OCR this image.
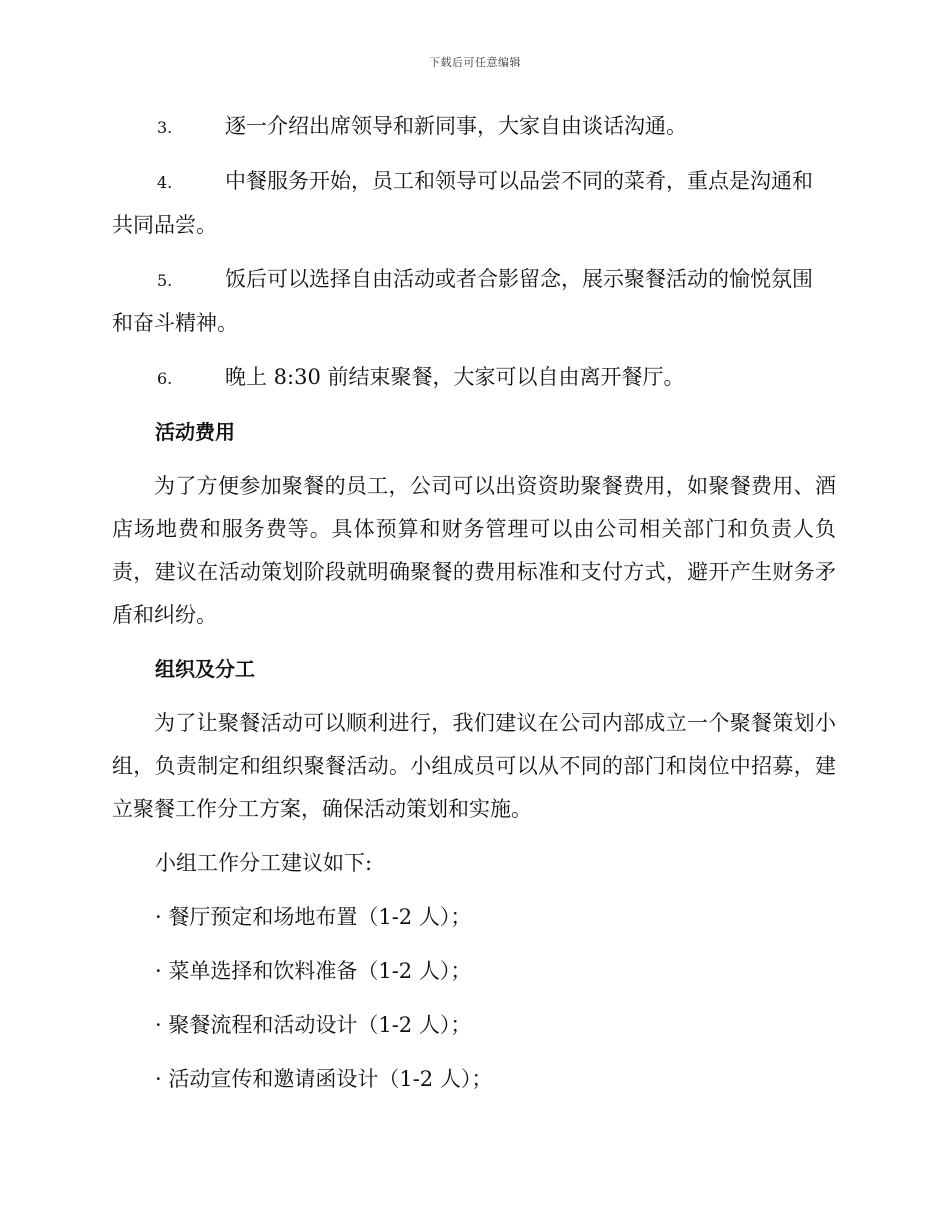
下载后可任意编辑
3.	逐一介绍出席领导和新同事，大家自由谈话沟通。
4.	中餐服务开始，员工和领导可以品尝不同的菜肴，重点是沟通和
共同品尝。
5.	饭后可以选择自由活动或者合影留念，展示聚餐活动的愉悦氛围
和奋斗精神。
6.	晚上 8:30 前结束聚餐，大家可以自由离开餐厅。
活动费用
为了方便参加聚餐的员工，公司可以出资资助聚餐费用，如聚餐费用、酒店场地费和服务费等。具体预算和财务管理可以由公司相关部门和负责人负责，建议在活动策划阶段就明确聚餐的费用标准和支付方式，避开产生财务矛盾和纠纷。
组织及分工
为了让聚餐活动可以顺利进行，我们建议在公司内部成立一个聚餐策划小组，负责制定和组织聚餐活动。小组成员可以从不同的部门和岗位中招募，建立聚餐工作分工方案，确保活动策划和实施。
小组工作分工建议如下:
· 餐厅预定和场地布置（1-2 人）；
· 菜单选择和饮料准备（1-2 人）；
· 聚餐流程和活动设计（1-2 人）；
· 活动宣传和邀请函设计（1-2 人）；
